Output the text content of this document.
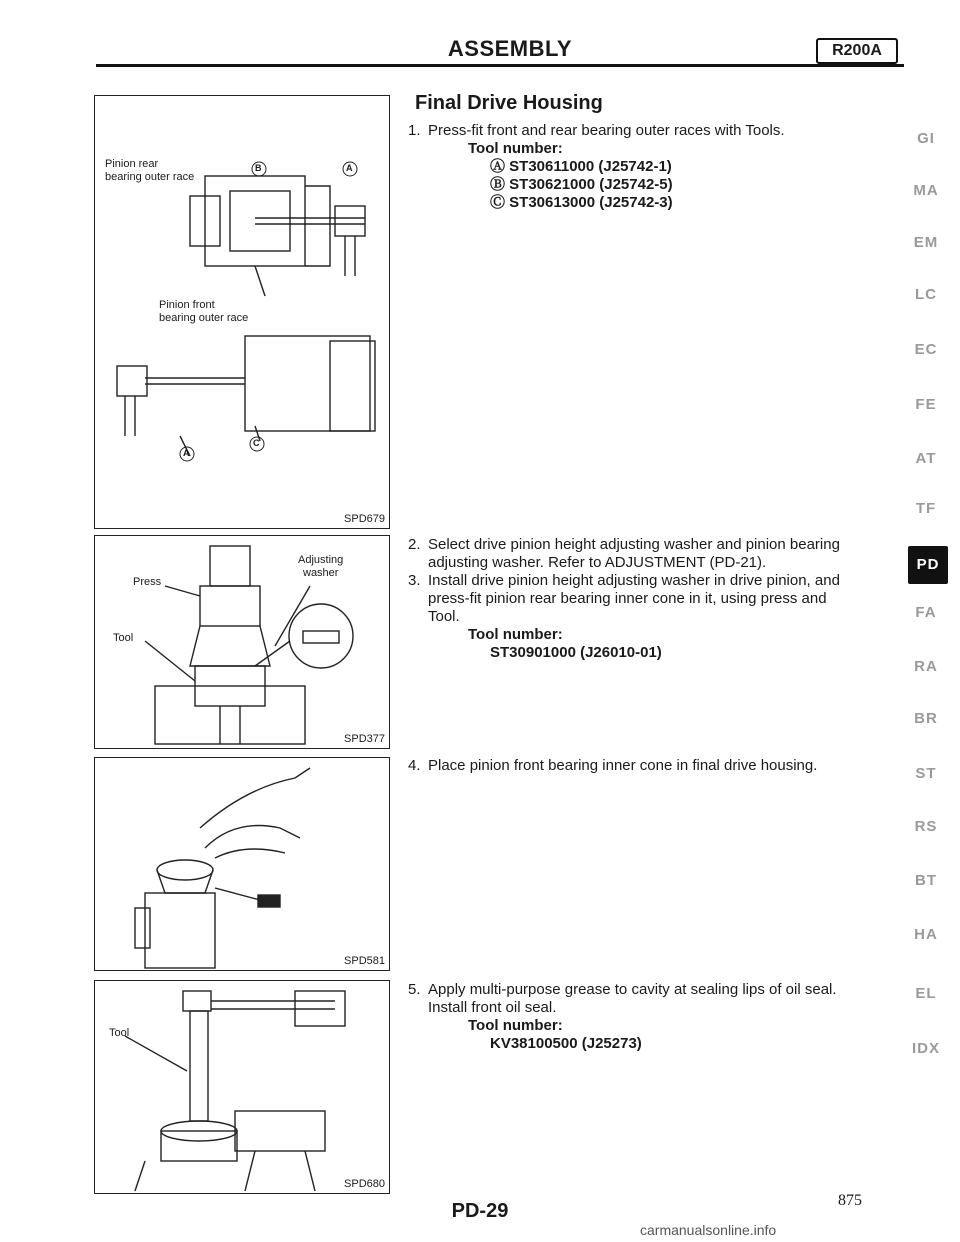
ASSEMBLY	R200A
Pinion rear
bearing outer race
Pinion front
bearing outer race
B	A
A
C
SPD679
Adjusting
washer
Press
Tool
SPD377
SPD581
Tool
SPD680
Final Drive Housing
1. Press-fit front and rear bearing outer races with Tools.
Tool number:
Ⓐ ST30611000 (J25742-1)
Ⓑ ST30621000 (J25742-5)
Ⓒ ST30613000 (J25742-3)
2. Select drive pinion height adjusting washer and pinion bearing
adjusting washer. Refer to ADJUSTMENT (PD-21).
3. Install drive pinion height adjusting washer in drive pinion, and
press-fit pinion rear bearing inner cone in it, using press and
Tool.
Tool number:
ST30901000 (J26010-01)
4. Place pinion front bearing inner cone in final drive housing.
5. Apply multi-purpose grease to cavity at sealing lips of oil seal.
Install front oil seal.
Tool number:
KV38100500 (J25273)
GI
MA
EM
LC
EC
FE
AT
TF
PD
FA
RA
BR
ST
RS
BT
HA
EL
IDX
PD-29	875
carmanualsonline.info
